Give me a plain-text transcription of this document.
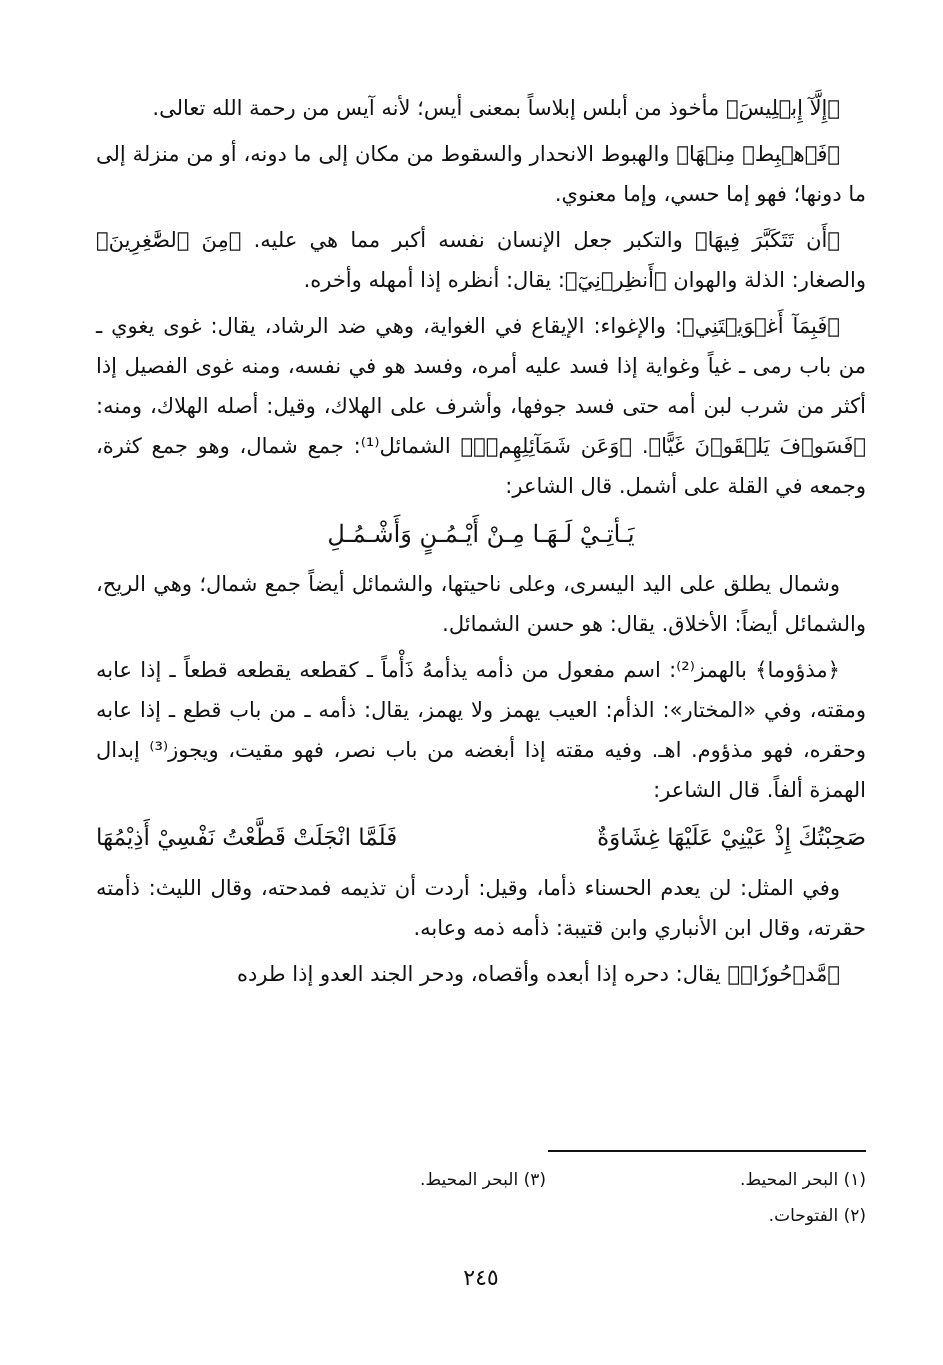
﴿إِلَّآ إِبۡلِيسَ﴾ مأخوذ من أبلس إبلاساً بمعنى أيس؛ لأنه آيس من رحمة الله تعالى.

﴿فَٱهۡبِطۡ مِنۡهَا﴾ والهبوط الانحدار والسقوط من مكان إلى ما دونه، أو من منزلة إلى ما دونها؛ فهو إما حسي، وإما معنوي.

﴿أَن تَتَكَبَّرَ فِيهَا﴾ والتكبر جعل الإنسان نفسه أكبر مما هي عليه. ﴿مِنَ ٱلصَّٰغِرِينَ﴾ والصغار: الذلة والهوان ﴿أَنظِرۡنِيٓ﴾: يقال: أنظره إذا أمهله وأخره.

﴿فَبِمَآ أَغۡوَيۡتَنِي﴾: والإغواء: الإيقاع في الغواية، وهي ضد الرشاد، يقال: غوى يغوي ـ من باب رمى ـ غياً وغواية إذا فسد عليه أمره، وفسد هو في نفسه، ومنه غوى الفصيل إذا أكثر من شرب لبن أمه حتى فسد جوفها، وأشرف على الهلاك، وقيل: أصله الهلاك، ومنه: ﴿فَسَوۡفَ يَلۡقَوۡنَ غَيًّا﴾. ﴿وَعَن شَمَآئِلِهِمۡۖ﴾ الشمائل⁽¹⁾: جمع شمال، وهو جمع كثرة، وجمعه في القلة على أشمل. قال الشاعر:

يَـأتِـيْ لَـهَـا مِـنْ أَيْـمُـنٍ وَأَشْـمُـلِ

وشمال يطلق على اليد اليسرى، وعلى ناحيتها، والشمائل أيضاً جمع شمال؛ وهي الريح، والشمائل أيضاً: الأخلاق. يقال: هو حسن الشمائل.

﴿مذؤوما﴾ بالهمز⁽²⁾: اسم مفعول من ذأمه يذأمهُ ذَأْماً ـ كقطعه يقطعه قطعاً ـ إذا عابه ومقته، وفي «المختار»: الذأم: العيب يهمز ولا يهمز، يقال: ذأمه ـ من باب قطع ـ إذا عابه وحقره، فهو مذؤوم. اهـ. وفيه مقته إذا أبغضه من باب نصر، فهو مقيت، ويجوز⁽³⁾ إبدال الهمزة ألفاً. قال الشاعر:

صَحِبْتُكَ إِذْ عَيْنِيْ عَلَيْهَا غِشَاوَةٌ
فَلَمَّا انْجَلَتْ قَطَّعْتُ نَفْسِيْ أَذِيْمُهَا

وفي المثل: لن يعدم الحسناء ذأما، وقيل: أردت أن تذيمه فمدحته، وقال الليث: ذأمته حقرته، وقال ابن الأنباري وابن قتيبة: ذأمه ذمه وعابه.

﴿مَّدۡحُورٗاۖ﴾ يقال: دحره إذا أبعده وأقصاه، ودحر الجند العدو إذا طرده

(١) البحر المحيط.
(٣) البحر المحيط.
(٢) الفتوحات.
٢٤٥
